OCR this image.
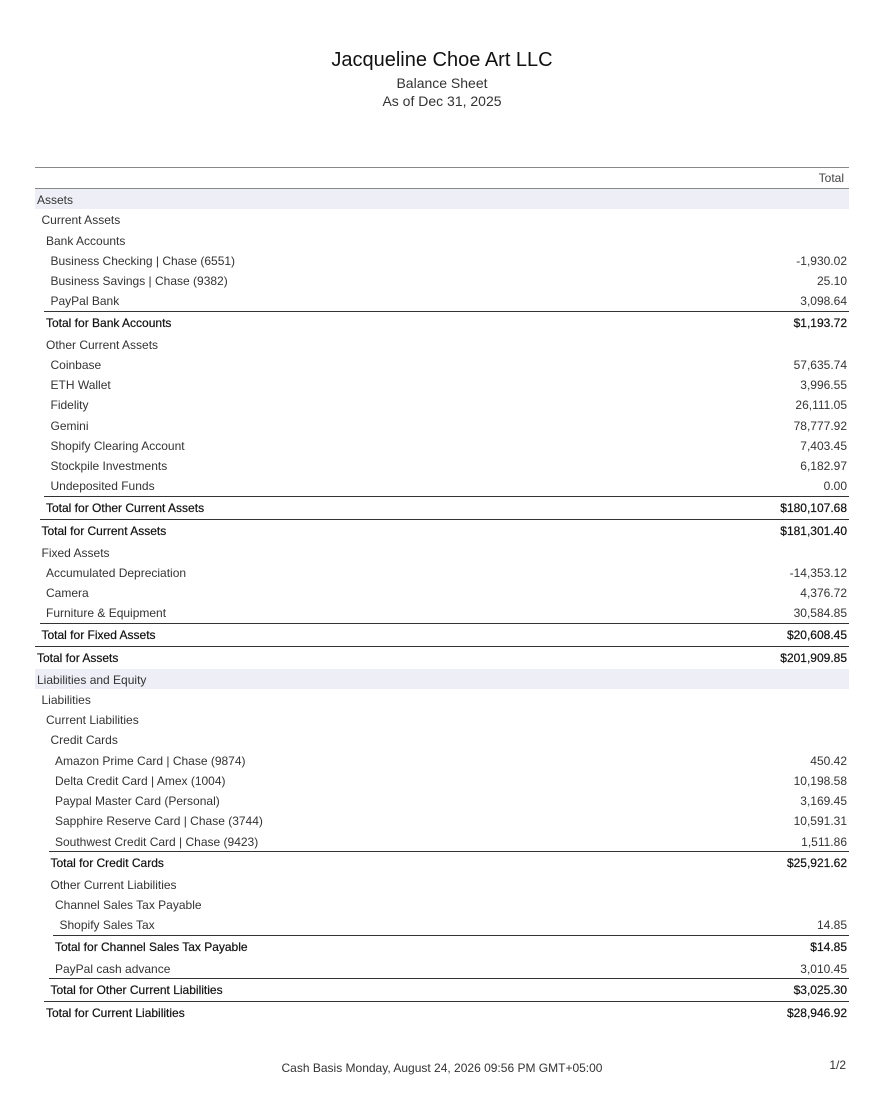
Jacqueline Choe Art LLC
Balance Sheet
As of Dec 31, 2025
Total
Assets
Current Assets
Bank Accounts
Business Checking | Chase (6551)	-1,930.02
Business Savings | Chase (9382)	25.10
PayPal Bank	3,098.64
Total for Bank Accounts	$1,193.72
Other Current Assets
Coinbase	57,635.74
ETH Wallet	3,996.55
Fidelity	26,111.05
Gemini	78,777.92
Shopify Clearing Account	7,403.45
Stockpile Investments	6,182.97
Undeposited Funds	0.00
Total for Other Current Assets	$180,107.68
Total for Current Assets	$181,301.40
Fixed Assets
Accumulated Depreciation	-14,353.12
Camera	4,376.72
Furniture & Equipment	30,584.85
Total for Fixed Assets	$20,608.45
Total for Assets	$201,909.85
Liabilities and Equity
Liabilities
Current Liabilities
Credit Cards
Amazon Prime Card | Chase (9874)	450.42
Delta Credit Card | Amex (1004)	10,198.58
Paypal Master Card (Personal)	3,169.45
Sapphire Reserve Card | Chase (3744)	10,591.31
Southwest Credit Card | Chase (9423)	1,511.86
Total for Credit Cards	$25,921.62
Other Current Liabilities
Channel Sales Tax Payable
Shopify Sales Tax	14.85
Total for Channel Sales Tax Payable	$14.85
PayPal cash advance	3,010.45
Total for Other Current Liabilities	$3,025.30
Total for Current Liabilities	$28,946.92
Cash Basis Monday, August 24, 2026 09:56 PM GMT+05:00	1/2
